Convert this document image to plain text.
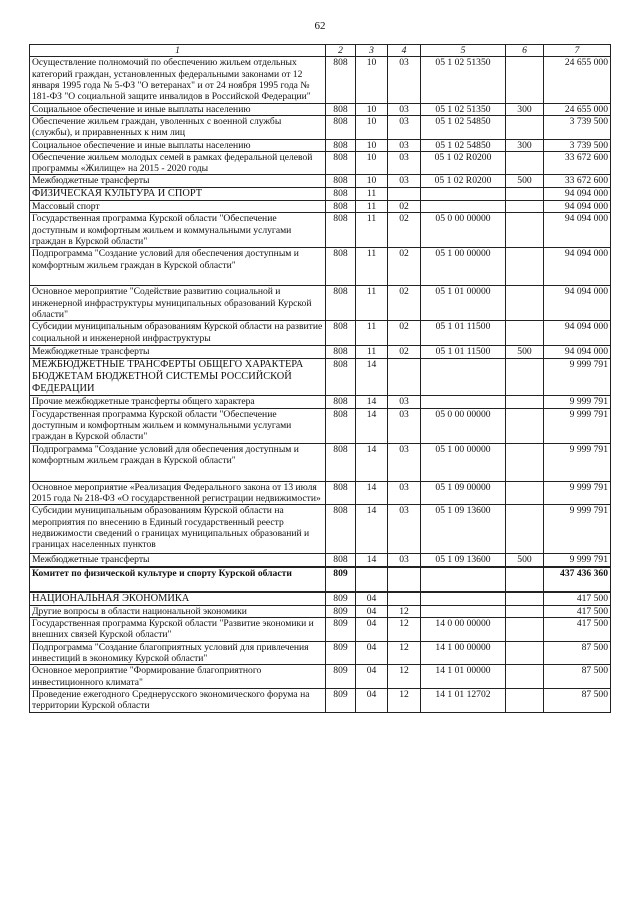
62
1	2	3	4	5	6	7
Осуществление полномочий по обеспечению жильем отдельных категорий граждан, установленных федеральными законами от 12 января 1995 года № 5-ФЗ "О ветеранах" и от 24 ноября 1995 года № 181-ФЗ "О социальной защите инвалидов в Российской Федерации"	808	10	03	05 1 02 51350		24 655 000
Социальное обеспечение и иные выплаты населению	808	10	03	05 1 02 51350	300	24 655 000
Обеспечение жильем граждан, уволенных с военной службы (службы), и приравненных к ним лиц	808	10	03	05 1 02 54850		3 739 500
Социальное обеспечение и иные выплаты населению	808	10	03	05 1 02 54850	300	3 739 500
Обеспечение жильем молодых семей в рамках федеральной целевой программы «Жилище» на 2015 - 2020 годы	808	10	03	05 1 02 R0200		33 672 600
Межбюджетные трансферты	808	10	03	05 1 02 R0200	500	33 672 600
ФИЗИЧЕСКАЯ КУЛЬТУРА И СПОРТ	808	11				94 094 000
Массовый спорт	808	11	02			94 094 000
Государственная программа Курской области "Обеспечение доступным и комфортным жильем и коммунальными услугами граждан в Курской области"	808	11	02	05 0 00 00000		94 094 000
Подпрограмма "Создание условий для обеспечения доступным и комфортным жильем граждан в Курской области"	808	11	02	05 1 00 00000		94 094 000
Основное мероприятие "Содействие развитию социальной и инженерной инфраструктуры муниципальных образований Курской области"	808	11	02	05 1 01 00000		94 094 000
Субсидии муниципальным образованиям Курской области на развитие социальной и инженерной инфраструктуры	808	11	02	05 1 01 11500		94 094 000
Межбюджетные трансферты	808	11	02	05 1 01 11500	500	94 094 000
МЕЖБЮДЖЕТНЫЕ ТРАНСФЕРТЫ ОБЩЕГО ХАРАКТЕРА БЮДЖЕТАМ БЮДЖЕТНОЙ СИСТЕМЫ РОССИЙСКОЙ ФЕДЕРАЦИИ	808	14				9 999 791
Прочие межбюджетные трансферты общего характера	808	14	03			9 999 791
Государственная программа Курской области "Обеспечение доступным и комфортным жильем и коммунальными услугами граждан в Курской области"	808	14	03	05 0 00 00000		9 999 791
Подпрограмма "Создание условий для обеспечения доступным и комфортным жильем граждан в Курской области"	808	14	03	05 1 00 00000		9 999 791
Основное мероприятие «Реализация Федерального закона от 13 июля 2015 года № 218-ФЗ «О государственной регистрации недвижимости»	808	14	03	05 1 09 00000		9 999 791
Субсидии муниципальным образованиям Курской области на мероприятия по внесению в Единый государственный реестр недвижимости сведений о границах муниципальных образований и границах населенных пунктов	808	14	03	05 1 09 13600		9 999 791
Межбюджетные трансферты	808	14	03	05 1 09 13600	500	9 999 791
Комитет по физической культуре и спорту Курской области	809					437 436 360
НАЦИОНАЛЬНАЯ ЭКОНОМИКА	809	04				417 500
Другие вопросы в области национальной экономики	809	04	12			417 500
Государственная программа Курской области "Развитие экономики и внешних связей Курской области"	809	04	12	14 0 00 00000		417 500
Подпрограмма "Создание благоприятных условий для привлечения инвестиций в экономику Курской области"	809	04	12	14 1 00 00000		87 500
Основное мероприятие "Формирование благоприятного инвестиционного климата"	809	04	12	14 1 01 00000		87 500
Проведение ежегодного Среднерусского экономического форума на территории Курской области	809	04	12	14 1 01 12702		87 500
